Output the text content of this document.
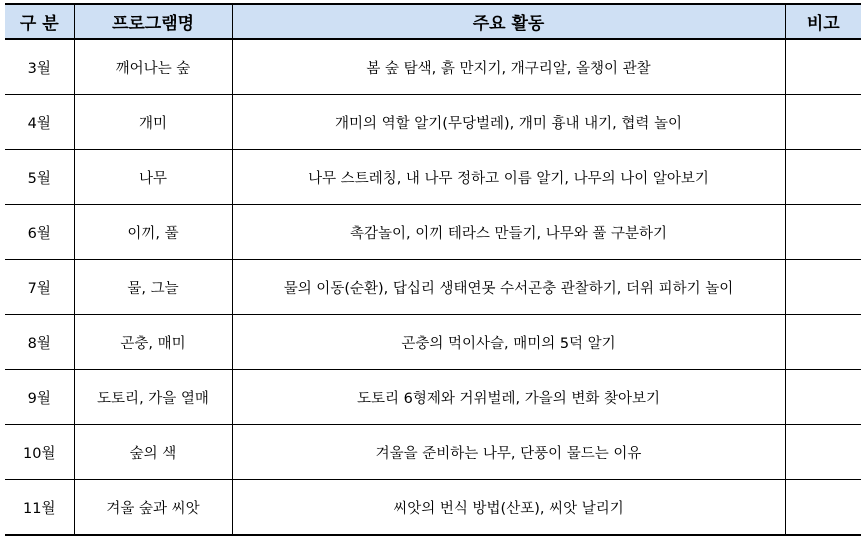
구 분	프로그램명	주요 활동	비고
3월	깨어나는 숲	봄 숲 탐색, 흙 만지기, 개구리알, 올챙이 관찰	
4월	개미	개미의 역할 알기(무당벌레), 개미 흉내 내기, 협력 놀이	
5월	나무	나무 스트레칭, 내 나무 정하고 이름 알기, 나무의 나이 알아보기	
6월	이끼, 풀	촉감놀이, 이끼 테라스 만들기, 나무와 풀 구분하기	
7월	물, 그늘	물의 이동(순환), 답십리 생태연못 수서곤충 관찰하기, 더위 피하기 놀이	
8월	곤충, 매미	곤충의 먹이사슬, 매미의 5덕 알기	
9월	도토리, 가을 열매	도토리 6형제와 거위벌레, 가을의 변화 찾아보기	
10월	숲의 색	겨울을 준비하는 나무, 단풍이 물드는 이유	
11월	겨울 숲과 씨앗	씨앗의 번식 방법(산포), 씨앗 날리기	
